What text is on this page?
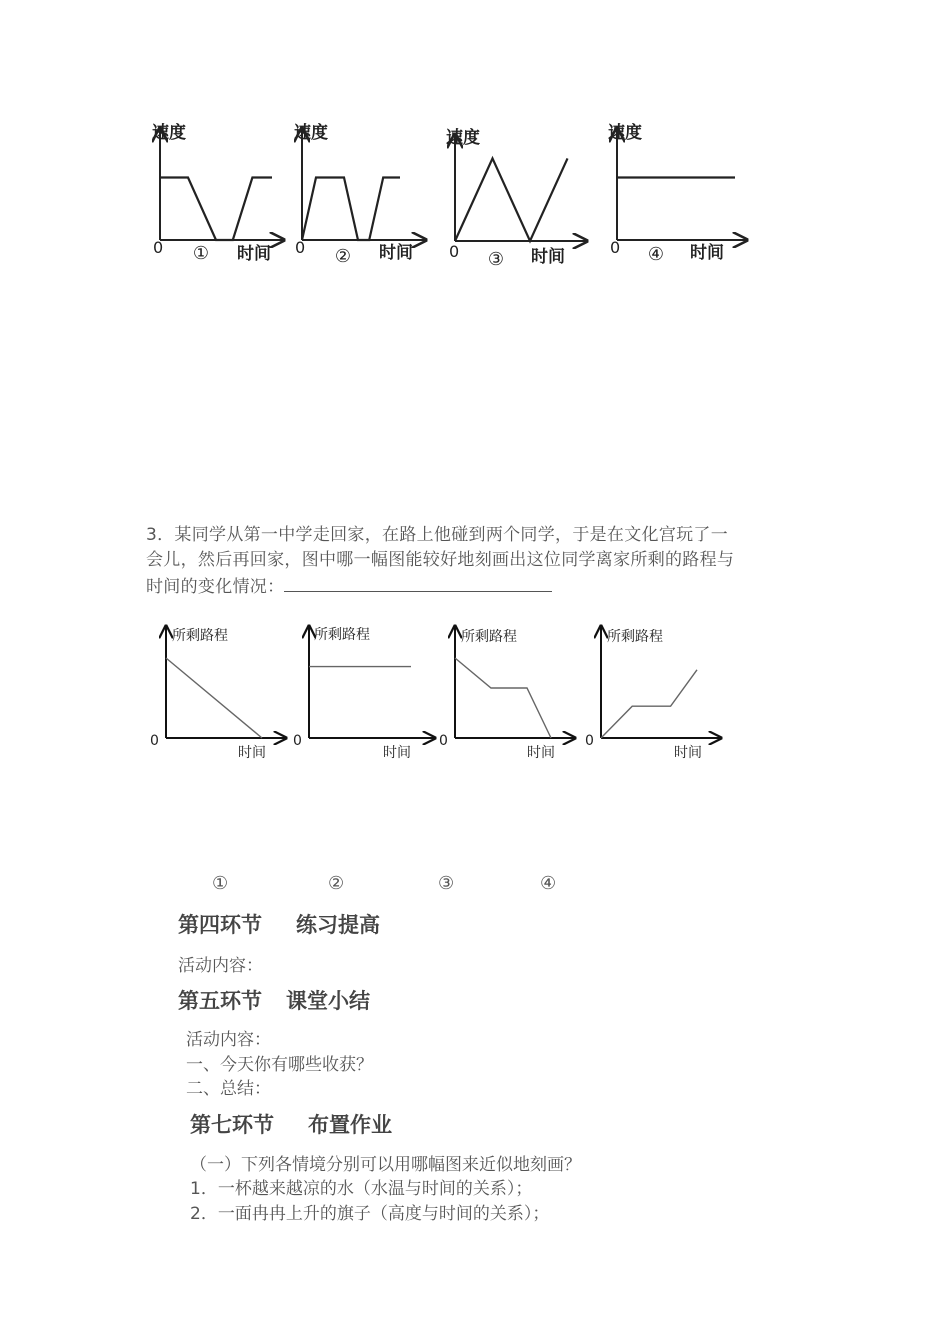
速度
0 ① 时间
速度
0 ② 时间
速度
0 ③ 时间
速度
0 ④ 时间
3．某同学从第一中学走回家，在路上他碰到两个同学，于是在文化宫玩了一
会儿，然后再回家，图中哪一幅图能较好地刻画出这位同学离家所剩的路程与
时间的变化情况：
所剩路程
0
时间
所剩路程
0
时间
所剩路程
0
时间
所剩路程
0
时间
①	②	③	④
第四环节 练习提高
活动内容：
第五环节 课堂小结
活动内容：
一、今天你有哪些收获？
二、总结：
第七环节 布置作业
（一）下列各情境分别可以用哪幅图来近似地刻画？
1．一杯越来越凉的水（水温与时间的关系）；
2．一面冉冉上升的旗子（高度与时间的关系）；
